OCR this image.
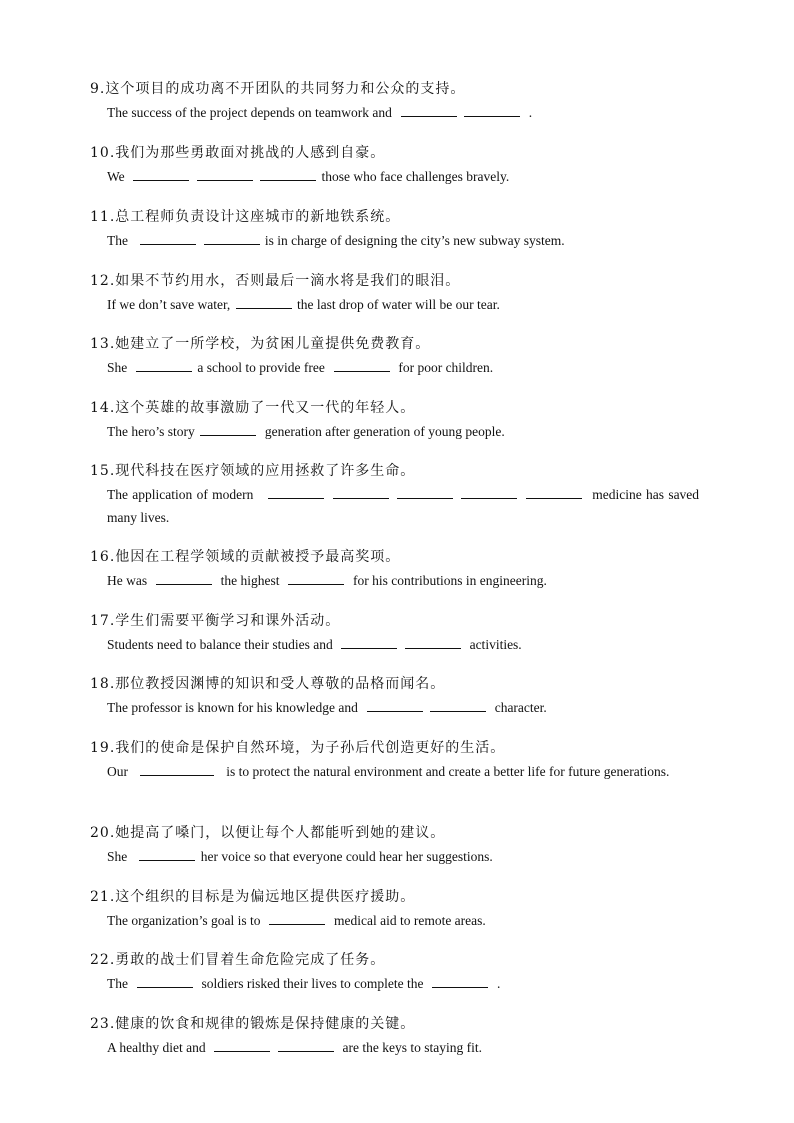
9.这个项目的成功离不开团队的共同努力和公众的支持。
The success of the project depends on teamwork and	.
10.我们为那些勇敢面对挑战的人感到自豪。
We	those who face challenges bravely.
11.总工程师负责设计这座城市的新地铁系统。
The	is in charge of designing the city’s new subway system.
12.如果不节约用水，否则最后一滴水将是我们的眼泪。
If we don’t save water,	the last drop of water will be our tear.
13.她建立了一所学校，为贫困儿童提供免费教育。
She	a school to provide free	for poor children.
14.这个英雄的故事激励了一代又一代的年轻人。
The hero’s story	generation after generation of young people.
15.现代科技在医疗领域的应用拯救了许多生命。
The application of modern	medicine has saved many lives.
16.他因在工程学领域的贡献被授予最高奖项。
He was	the highest	for his contributions in engineering.
17.学生们需要平衡学习和课外活动。
Students need to balance their studies and	activities.
18.那位教授因渊博的知识和受人尊敬的品格而闻名。
The professor is known for his knowledge and	character.
19.我们的使命是保护自然环境，为子孙后代创造更好的生活。
Our	is to protect the natural environment and create a better life for future generations.
20.她提高了嗓门，以便让每个人都能听到她的建议。
She	her voice so that everyone could hear her suggestions.
21.这个组织的目标是为偏远地区提供医疗援助。
The organization’s goal is to	medical aid to remote areas.
22.勇敢的战士们冒着生命危险完成了任务。
The	soldiers risked their lives to complete the	.
23.健康的饮食和规律的锻炼是保持健康的关键。
A healthy diet and	are the keys to staying fit.
